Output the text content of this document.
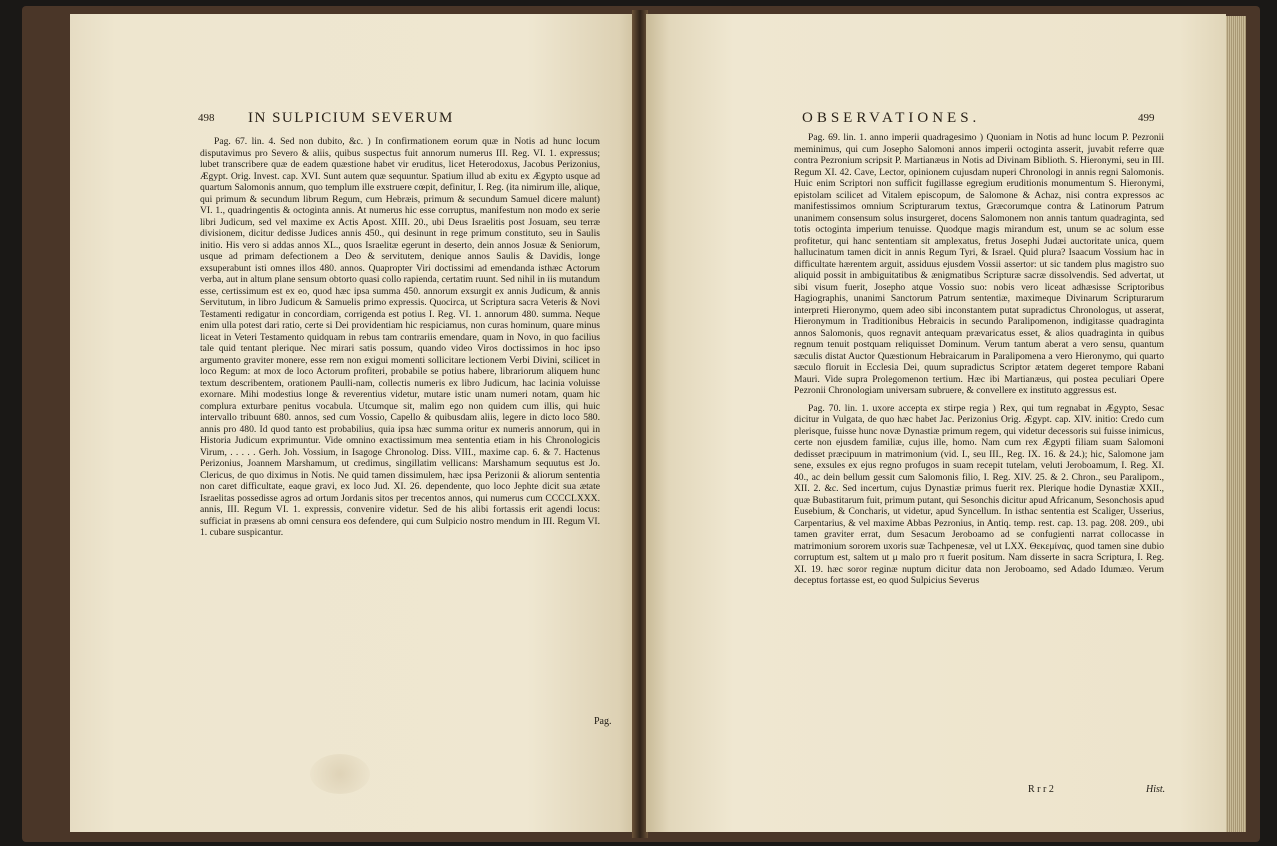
498 IN SULPICIUM SEVERUM

Pag. 67. lin. 4. Sed non dubito, &c. ) In confirmationem eorum quæ in Notis ad hunc locum disputavimus pro Severo & aliis, quibus suspectus fuit annorum numerus III. Reg. VI. 1. expressus; lubet transcribere quæ de eadem quæstione habet vir eruditus, licet Heterodoxus, Jacobus Perizonius, Ægypt. Orig. Invest. cap. XVI. Sunt autem quæ sequuntur. Spatium illud ab exitu ex Ægypto usque ad quartum Salomonis annum, quo templum ille exstruere cœpit, definitur, I. Reg. (ita nimirum ille, alique, qui primum & secundum librum Regum, cum Hebræis, primum & secundum Samuel dicere malunt) VI. 1., quadringentis & octoginta annis. At numerus hic esse corruptus, manifestum non modo ex serie libri Judicum, sed vel maxime ex Actis Apost. XIII. 20., ubi Deus Israelitis post Josuam, seu terræ divisionem, dicitur dedisse Judices annis 450., qui desinunt in rege primum constituto, seu in Saulis initio. His vero si addas annos XL., quos Israelitæ egerunt in deserto, dein annos Josuæ & Seniorum, usque ad primam defectionem a Deo & servitutem, denique annos Saulis & Davidis, longe exsuperabunt isti omnes illos 480. annos. Quapropter Viri doctissimi ad emendanda isthæc Actorum verba, aut in altum plane sensum obtorto quasi collo rapienda, certatim ruunt. Sed nihil in iis mutandum esse, certissimum est ex eo, quod hæc ipsa summa 450. annorum exsurgit ex annis Judicum, & annis Servitutum, in libro Judicum & Samuelis primo expressis. Quocirca, ut Scriptura sacra Veteris & Novi Testamenti redigatur in concordiam, corrigenda est potius I. Reg. VI. 1. annorum 480. summa. Neque enim ulla potest dari ratio, certe si Dei providentiam hic respiciamus, non curas hominum, quare minus liceat in Veteri Testamento quidquam in rebus tam contrariis emendare, quam in Novo, in quo facilius tale quid tentant plerique. Nec mirari satis possum, quando video Viros doctissimos in hoc ipso argumento graviter monere, esse rem non exigui momenti sollicitare lectionem Verbi Divini, scilicet in loco Regum: at mox de loco Actorum profiteri, probabile se potius habere, librariorum aliquem hunc textum describentem, orationem Paulli-nam, collectis numeris ex libro Judicum, hac lacinia voluisse exornare. Mihi modestius longe & reverentius videtur, mutare istic unam numeri notam, quam hic complura exturbare penitus vocabula. Utcumque sit, malim ego non quidem cum illis, qui huic intervallo tribuunt 680. annos, sed cum Vossio, Capello & quibusdam aliis, legere in dicto loco 580. annis pro 480. Id quod tanto est probabilius, quia ipsa hæc summa oritur ex numeris annorum, qui in Historia Judicum exprimuntur. Vide omnino exactissimum mea sententia etiam in his Chronologicis Virum, . . . . . Gerh. Joh. Vossium, in Isagoge Chronolog. Diss. VIII., maxime cap. 6. & 7. Hactenus Perizonius, Joannem Marshamum, ut credimus, singillatim vellicans: Marshamum sequutus est Jo. Clericus, de quo diximus in Notis. Ne quid tamen dissimulem, hæc ipsa Perizonii & aliorum sententia non caret difficultate, eaque gravi, ex loco Jud. XI. 26. dependente, quo loco Jephte dicit sua ætate Israelitas possedisse agros ad ortum Jordanis sitos per trecentos annos, qui numerus cum CCCCLXXX. annis, III. Regum VI. 1. expressis, convenire videtur. Sed de his alibi fortassis erit agendi locus: sufficiat in præsens ab omni censura eos defendere, qui cum Sulpicio nostro mendum in III. Regum VI. 1. cubare suspicantur.

Pag.
OBSERVATIONES.	499

Pag. 69. lin. 1. anno imperii quadragesimo ) Quoniam in Notis ad hunc locum P. Pezronii meminimus, qui cum Josepho Salomoni annos imperii octoginta asserit, juvabit referre quæ contra Pezronium scripsit P. Martianæus in Notis ad Divinam Biblioth. S. Hieronymi, seu in III. Regum XI. 42. Cave, Lector, opinionem cujusdam nuperi Chronologi in annis regni Salomonis. Huic enim Scriptori non sufficit fugillasse egregium eruditionis monumentum S. Hieronymi, epistolam scilicet ad Vitalem episcopum, de Salomone & Achaz, nisi contra expressos ac manifestissimos omnium Scripturarum textus, Græcorumque contra & Latinorum Patrum unanimem consensum solus insurgeret, docens Salomonem non annis tantum quadraginta, sed totis octoginta imperium tenuisse. Quodque magis mirandum est, unum se ac solum esse profitetur, qui hanc sententiam sit amplexatus, fretus Josephi Judæi auctoritate unica, quem hallucinatum tamen dicit in annis Regum Tyri, & Israel. Quid plura? Isaacum Vossium hac in difficultate hærentem arguit, assiduus ejusdem Vossii assertor: ut sic tandem plus magistro suo aliquid possit in ambiguitatibus & ænigmatibus Scripturæ sacræ dissolvendis. Sed advertat, ut sibi visum fuerit, Josepho atque Vossio suo: nobis vero liceat adhæsisse Scriptoribus Hagiographis, unanimi Sanctorum Patrum sententiæ, maximeque Divinarum Scripturarum interpreti Hieronymo, quem adeo sibi inconstantem putat supradictus Chronologus, ut asserat, Hieronymum in Traditionibus Hebraicis in secundo Paralipomenon, indigitasse quadraginta annos Salomonis, quos regnavit antequam prævaricatus esset, & alios quadraginta in quibus regnum tenuit postquam reliquisset Dominum. Verum tantum aberat a vero sensu, quantum sæculis distat Auctor Quæstionum Hebraicarum in Paralipomena a vero Hieronymo, qui quarto sæculo floruit in Ecclesia Dei, quum supradictus Scriptor ætatem degeret tempore Rabani Mauri. Vide supra Prolegomenon tertium. Hæc ibi Martianæus, qui postea peculiari Opere Pezronii Chronologiam universam subruere, & convellere ex instituto aggressus est.

Pag. 70. lin. 1. uxore accepta ex stirpe regia ) Rex, qui tum regnabat in Ægypto, Sesac dicitur in Vulgata, de quo hæc habet Jac. Perizonius Orig. Ægypt. cap. XIV. initio: Credo cum plerisque, fuisse hunc novæ Dynastiæ primum regem, qui videtur decessoris sui fuisse inimicus, certe non ejusdem familiæ, cujus ille, homo. Nam cum rex Ægypti filiam suam Salomoni dedisset præcipuum in matrimonium (vid. I., seu III., Reg. IX. 16. & 24.); hic, Salomone jam sene, exsules ex ejus regno profugos in suam recepit tutelam, veluti Jeroboamum, I. Reg. XI. 40., ac dein bellum gessit cum Salomonis filio, I. Reg. XIV. 25. & 2. Chron., seu Paralipom., XII. 2. &c. Sed incertum, cujus Dynastiæ primus fuerit rex. Plerique hodie Dynastiæ XXII., quæ Bubastitarum fuit, primum putant, qui Sesonchis dicitur apud Africanum, Sesonchosis apud Eusebium, & Concharis, ut videtur, apud Syncellum. In isthac sententia est Scaliger, Usserius, Carpentarius, & vel maxime Abbas Pezronius, in Antiq. temp. rest. cap. 13. pag. 208. 209., ubi tamen graviter errat, dum Sesacum Jeroboamo ad se confugienti narrat collocasse in matrimonium sororem uxoris suæ Tachpenesæ, vel ut LXX. Θεκεμίνας, quod tamen sine dubio corruptum est, saltem ut μ malo pro π fuerit positum. Nam disserte in sacra Scriptura, I. Reg. XI. 19. hæc soror reginæ nuptum dicitur data non Jeroboamo, sed Adado Idumæo. Verum deceptus fortasse est, eo quod Sulpicius Severus

R r r 2	Hist.
